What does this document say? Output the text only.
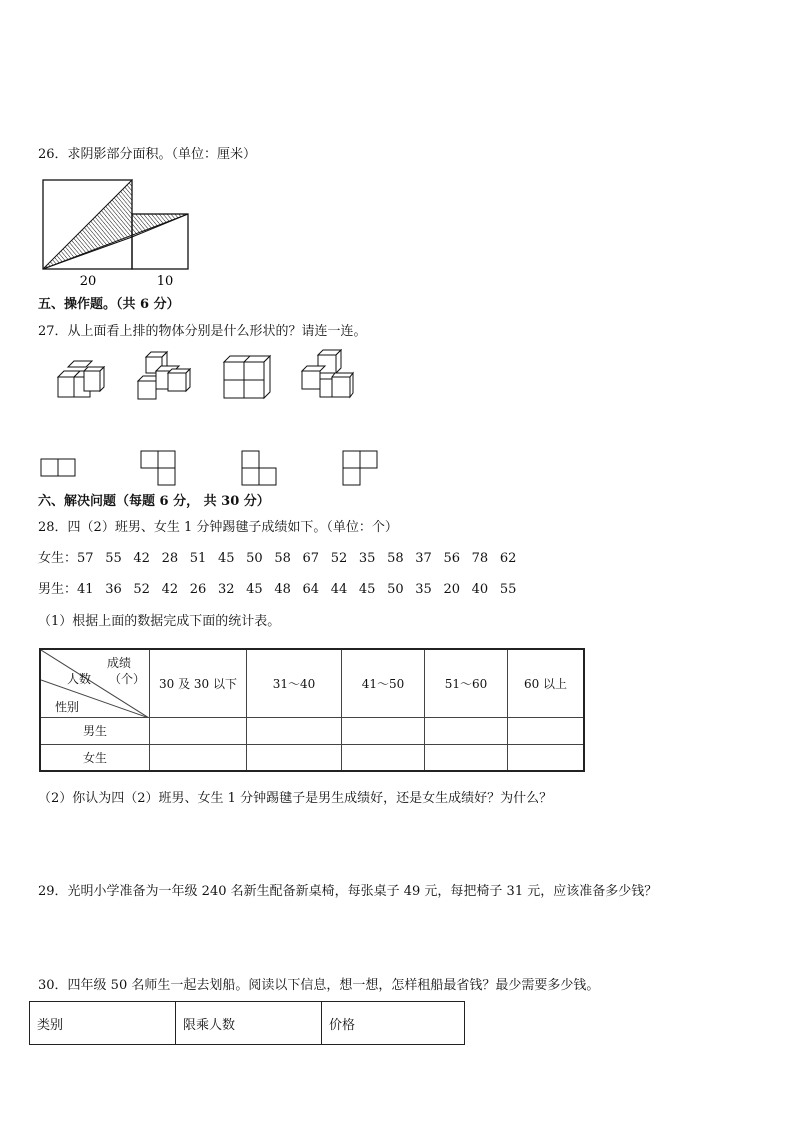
26．求阴影部分面积。（单位：厘米）
20	10
五、操作题。（共 6 分）
27．从上面看上排的物体分别是什么形状的？请连一连。
六、解决问题（每题 6 分， 共 30 分）
28．四（2）班男、女生 1 分钟踢毽子成绩如下。（单位：个）
女生：57 55 42 28 51 45 50 58 67 52 35 58 37 56 78 62
男生：41 36 52 42 26 32 45 48 64 44 45 50 35 20 40 55
（1）根据上面的数据完成下面的统计表。
成绩
（个）
人数
性别	30 及 30 以下	31～40	41～50	51～60	60 以上
男生					
女生					
（2）你认为四（2）班男、女生 1 分钟踢毽子是男生成绩好，还是女生成绩好？为什么？
29．光明小学准备为一年级 240 名新生配备新桌椅，每张桌子 49 元，每把椅子 31 元，应该准备多少钱？
30．四年级 50 名师生一起去划船。阅读以下信息，想一想，怎样租船最省钱？最少需要多少钱。
类别	限乘人数	价格
